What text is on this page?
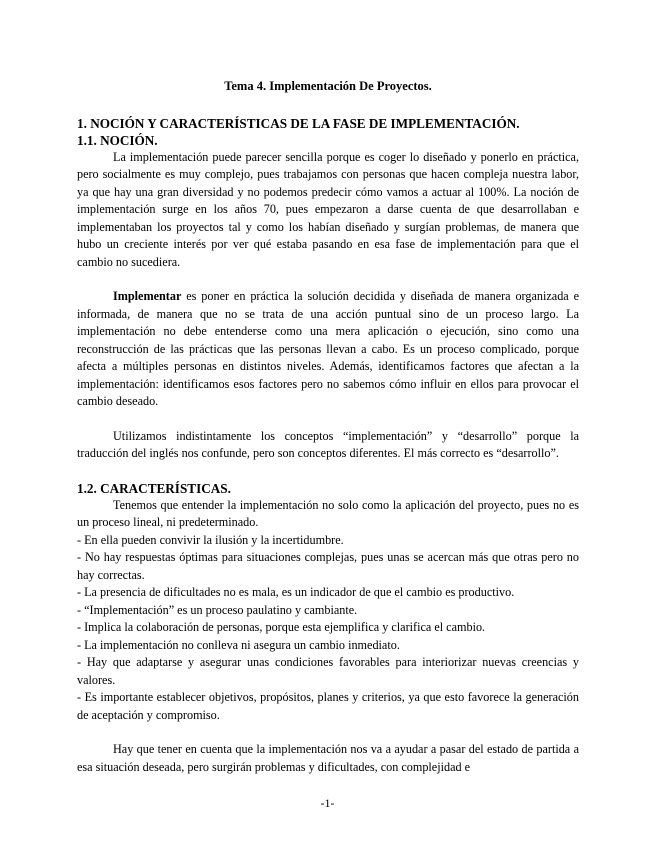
Tema 4. Implementación De Proyectos.
1. NOCIÓN Y CARACTERÍSTICAS DE LA FASE DE IMPLEMENTACIÓN.
1.1. NOCIÓN.

La implementación puede parecer sencilla porque es coger lo diseñado y ponerlo en práctica, pero socialmente es muy complejo, pues trabajamos con personas que hacen compleja nuestra labor, ya que hay una gran diversidad y no podemos predecir cómo vamos a actuar al 100%. La noción de implementación surge en los años 70, pues empezaron a darse cuenta de que desarrollaban e implementaban los proyectos tal y como los habían diseñado y surgían problemas, de manera que hubo un creciente interés por ver qué estaba pasando en esa fase de implementación para que el cambio no sucediera.

Implementar es poner en práctica la solución decidida y diseñada de manera organizada e informada, de manera que no se trata de una acción puntual sino de un proceso largo. La implementación no debe entenderse como una mera aplicación o ejecución, sino como una reconstrucción de las prácticas que las personas llevan a cabo. Es un proceso complicado, porque afecta a múltiples personas en distintos niveles. Además, identificamos factores que afectan a la implementación: identificamos esos factores pero no sabemos cómo influir en ellos para provocar el cambio deseado.

Utilizamos indistintamente los conceptos “implementación” y “desarrollo” porque la traducción del inglés nos confunde, pero son conceptos diferentes. El más correcto es “desarrollo”.

1.2. CARACTERÍSTICAS.

Tenemos que entender la implementación no solo como la aplicación del proyecto, pues no es un proceso lineal, ni predeterminado.

- En ella pueden convivir la ilusión y la incertidumbre.
- No hay respuestas óptimas para situaciones complejas, pues unas se acercan más que otras pero no hay correctas.
- La presencia de dificultades no es mala, es un indicador de que el cambio es productivo.
- “Implementación” es un proceso paulatino y cambiante.
- Implica la colaboración de personas, porque esta ejemplifica y clarifica el cambio.
- La implementación no conlleva ni asegura un cambio inmediato.
- Hay que adaptarse y asegurar unas condiciones favorables para interiorizar nuevas creencias y valores.
- Es importante establecer objetivos, propósitos, planes y criterios, ya que esto favorece la generación de aceptación y compromiso.

Hay que tener en cuenta que la implementación nos va a ayudar a pasar del estado de partida a esa situación deseada, pero surgirán problemas y dificultades, con complejidad e

-1-
